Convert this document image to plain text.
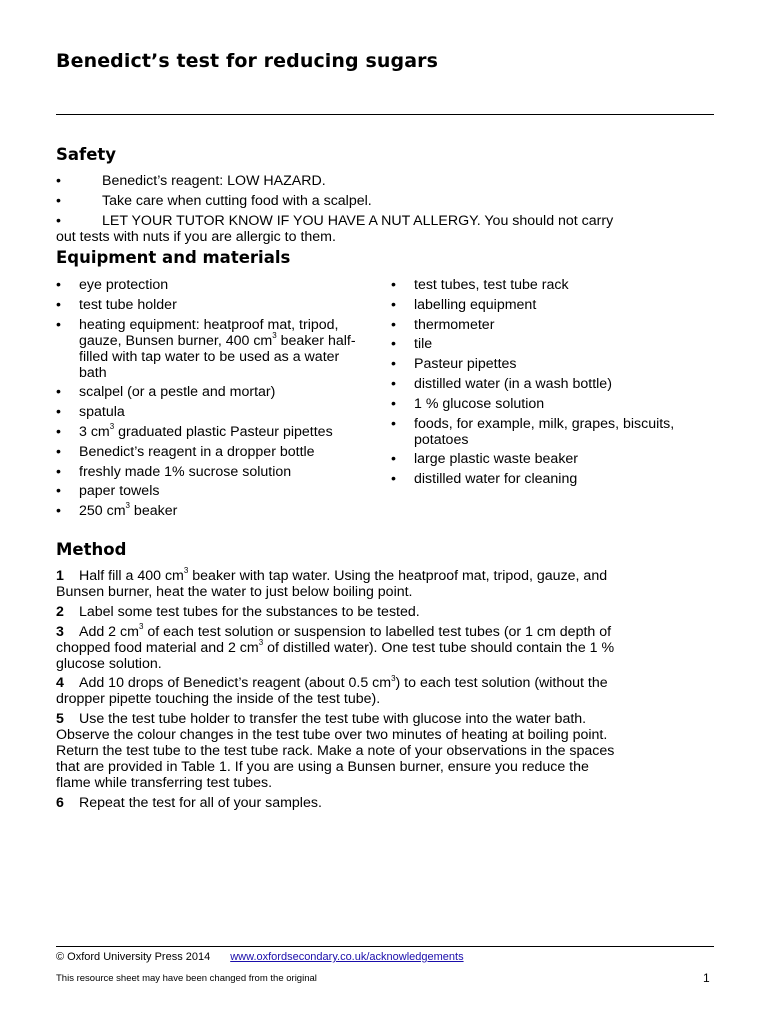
Benedict’s test for reducing sugars
Safety
•	Benedict’s reagent: LOW HAZARD.
•	Take care when cutting food with a scalpel.
•	LET YOUR TUTOR KNOW IF YOU HAVE A NUT ALLERGY. You should not carry out tests with nuts if you are allergic to them.
Equipment and materials
• eye protection
• test tube holder
• heating equipment: heatproof mat, tripod, gauze, Bunsen burner, 400 $cm^3$ beaker half-filled with tap water to be used as a water bath
• scalpel (or a pestle and mortar)
• spatula
• 3 $cm^3$ graduated plastic Pasteur pipettes
• Benedict’s reagent in a dropper bottle
• freshly made 1% sucrose solution
• paper towels
• 250 $cm^3$ beaker
• test tubes, test tube rack
• labelling equipment
• thermometer
• tile
• Pasteur pipettes
• distilled water (in a wash bottle)
• 1 % glucose solution
• foods, for example, milk, grapes, biscuits, potatoes
• large plastic waste beaker
• distilled water for cleaning
Method
1 Half fill a 400 $cm^3$ beaker with tap water. Using the heatproof mat, tripod, gauze, and Bunsen burner, heat the water to just below boiling point.
2 Label some test tubes for the substances to be tested.
3 Add 2 $cm^3$ of each test solution or suspension to labelled test tubes (or 1 cm depth of chopped food material and 2 $cm^3$ of distilled water). One test tube should contain the 1 % glucose solution.
4 Add 10 drops of Benedict’s reagent (about 0.5 $cm^3$) to each test solution (without the dropper pipette touching the inside of the test tube).
5 Use the test tube holder to transfer the test tube with glucose into the water bath. Observe the colour changes in the test tube over two minutes of heating at boiling point. Return the test tube to the test tube rack. Make a note of your observations in the spaces that are provided in Table 1. If you are using a Bunsen burner, ensure you reduce the flame while transferring test tubes.
6 Repeat the test for all of your samples.
© Oxford University Press 2014 www.oxfordsecondary.co.uk/acknowledgements
This resource sheet may have been changed from the original	1
